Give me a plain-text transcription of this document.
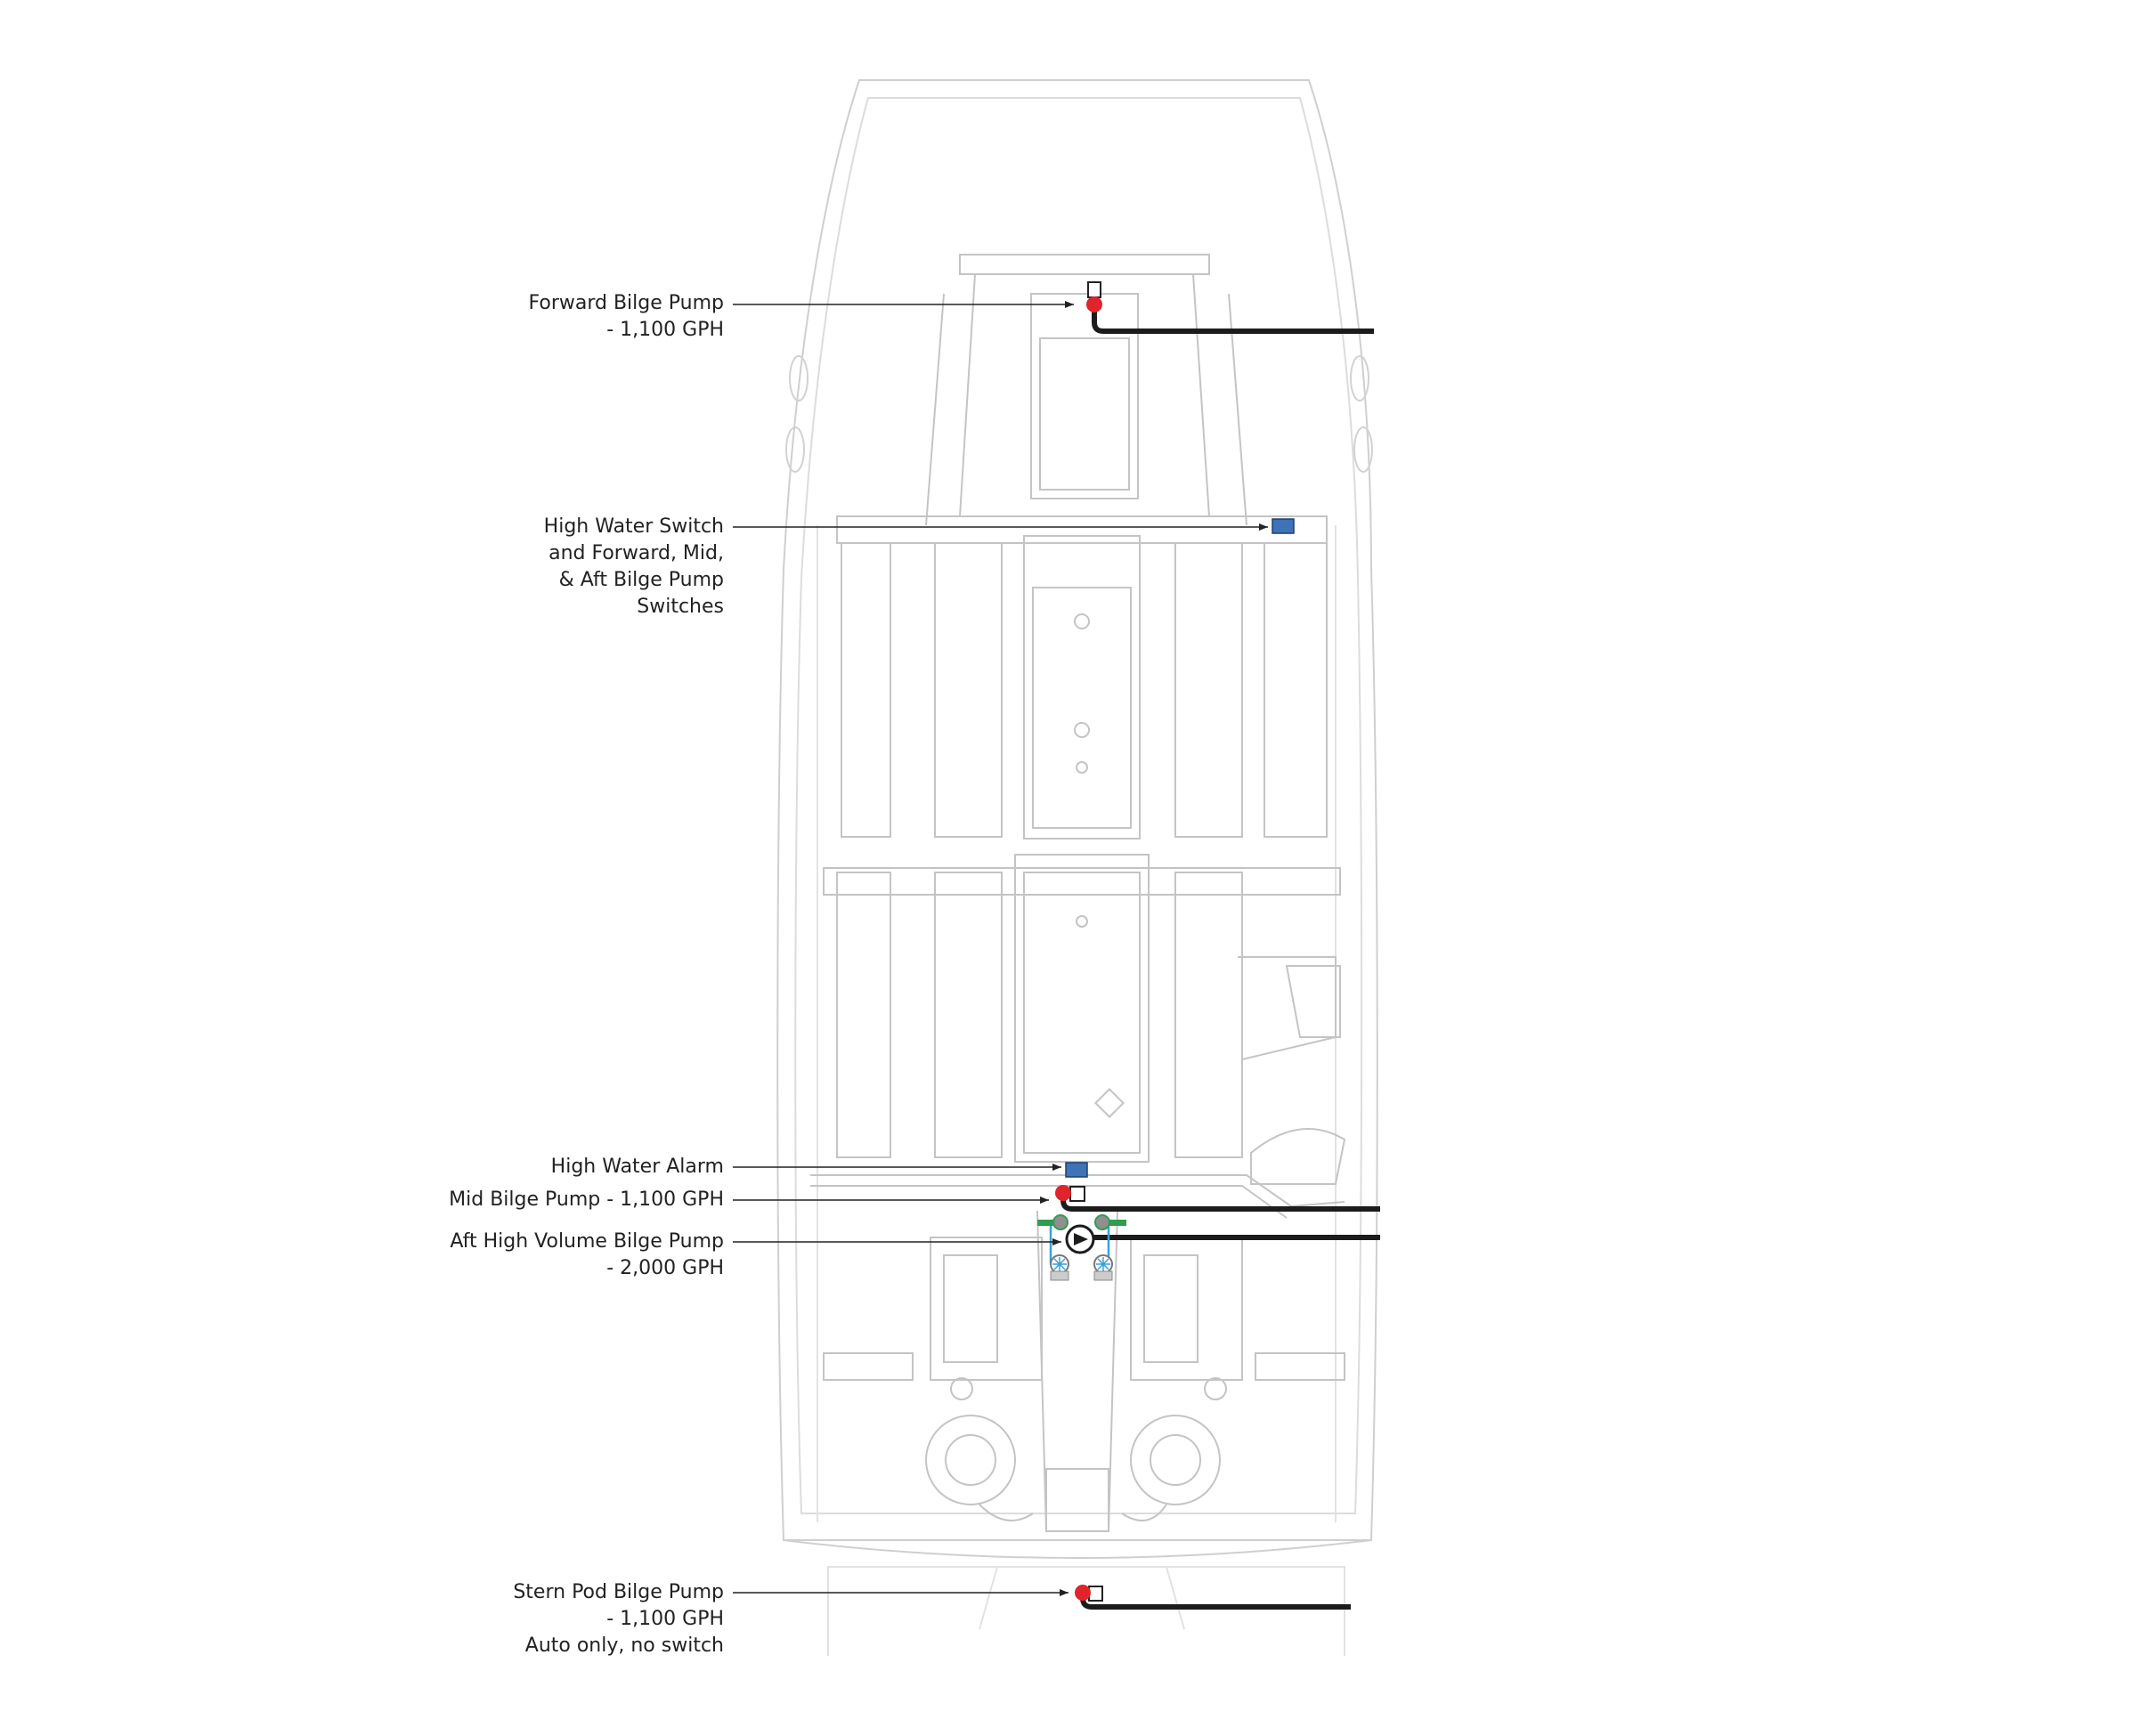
Forward Bilge Pump
- 1,100 GPH
High Water Switch
and Forward, Mid,
& Aft Bilge Pump
Switches
High Water Alarm
Mid Bilge Pump - 1,100 GPH
Aft High Volume Bilge Pump
- 2,000 GPH
Stern Pod Bilge Pump
- 1,100 GPH
Auto only, no switch
